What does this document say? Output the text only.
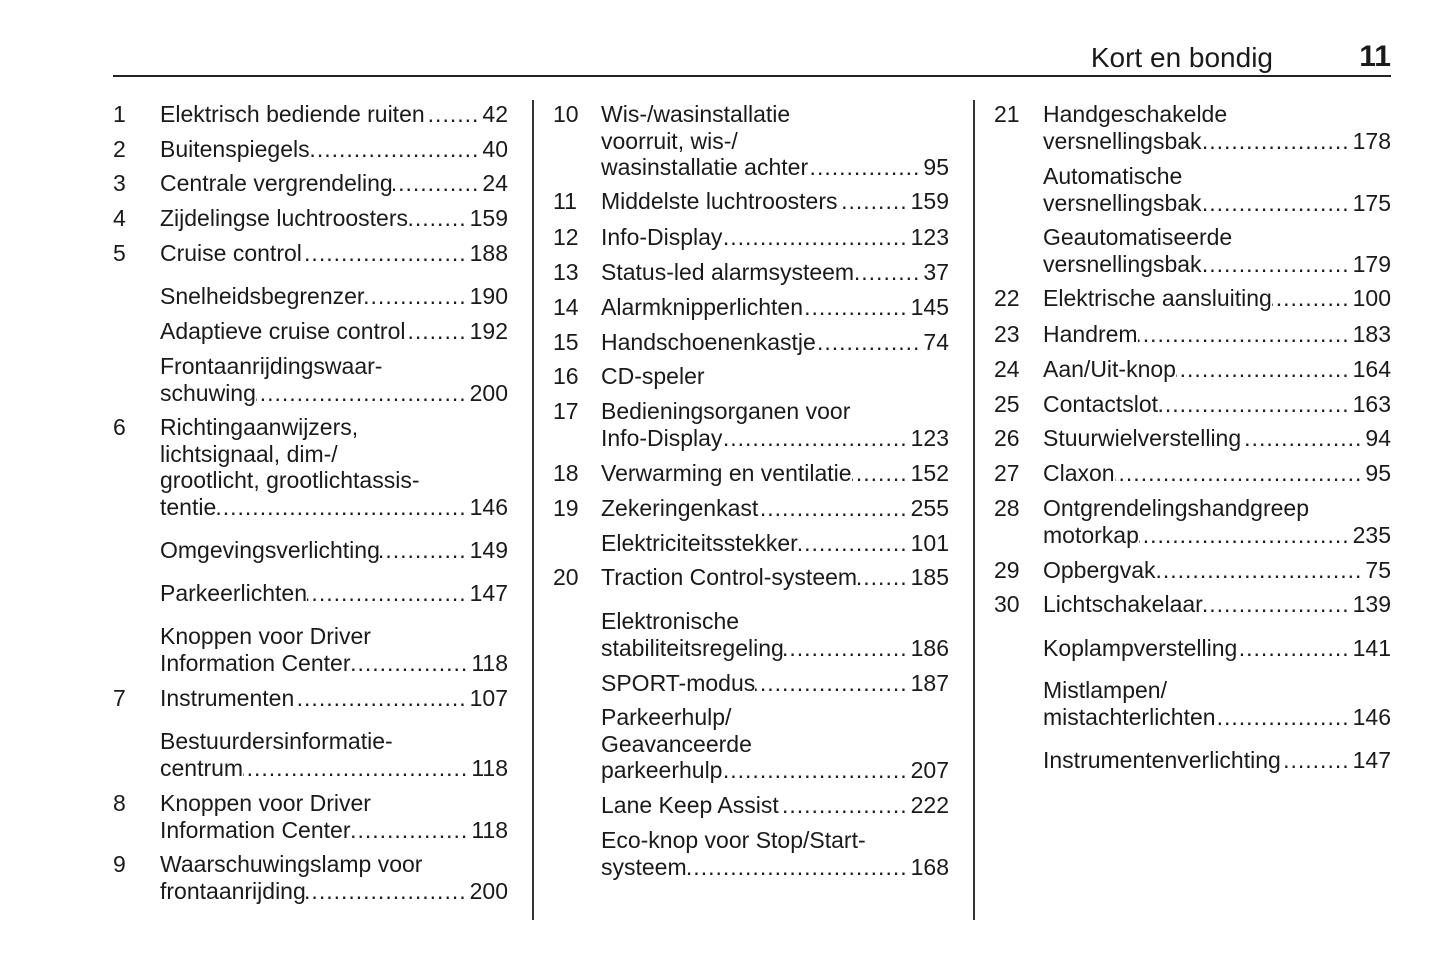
Kort en bondig	11
1 Elektrisch bediende ruiten .....	42
2 Buitenspiegels .....	40
3 Centrale vergrendeling .....	24
4 Zijdelingse luchtroosters .....	159
5 Cruise control .....	188
Snelheidsbegrenzer .....	190
Adaptieve cruise control .....	192
Frontaanrijdingswaar-
schuwing .....	200
6 Richtingaanwijzers,
lichtsignaal, dim-/
grootlicht, grootlichtassis-
tentie .....	146
Omgevingsverlichting .....	149
Parkeerlichten .....	147
Knoppen voor Driver
Information Center .....	118
7 Instrumenten .....	107
Bestuurdersinformatie-
centrum .....	118
8 Knoppen voor Driver
Information Center .....	118
9 Waarschuwingslamp voor
frontaanrijding .....	200
10 Wis-/wasinstallatie
voorruit, wis-/
wasinstallatie achter .....	95
11 Middelste luchtroosters .....	159
12 Info-Display .....	123
13 Status-led alarmsysteem .....	37
14 Alarmknipperlichten .....	145
15 Handschoenenkastje .....	74
16 CD-speler
17 Bedieningsorganen voor
Info-Display .....	123
18 Verwarming en ventilatie .....	152
19 Zekeringenkast .....	255
Elektriciteitsstekker .....	101
20 Traction Control-systeem ..... 185
Elektronische
stabiliteitsregeling .....	186
SPORT-modus .....	187
Parkeerhulp/
Geavanceerde
parkeerhulp .....	207
Lane Keep Assist .....	222
Eco-knop voor Stop/Start-
systeem .....	168
21 Handgeschakelde
versnellingsbak .....	178
Automatische
versnellingsbak .....	175
Geautomatiseerde
versnellingsbak .....	179
22 Elektrische aansluiting .....	100
23 Handrem .....	183
24 Aan/Uit-knop .....	164
25 Contactslot .....	163
26 Stuurwielverstelling .....	94
27 Claxon .....	95
28 Ontgrendelingshandgreep
motorkap .....	235
29 Opbergvak .....	75
30 Lichtschakelaar .....	139
Koplampverstelling .....	141
Mistlampen/
mistachterlichten .....	146
Instrumentenverlichting .....	147
